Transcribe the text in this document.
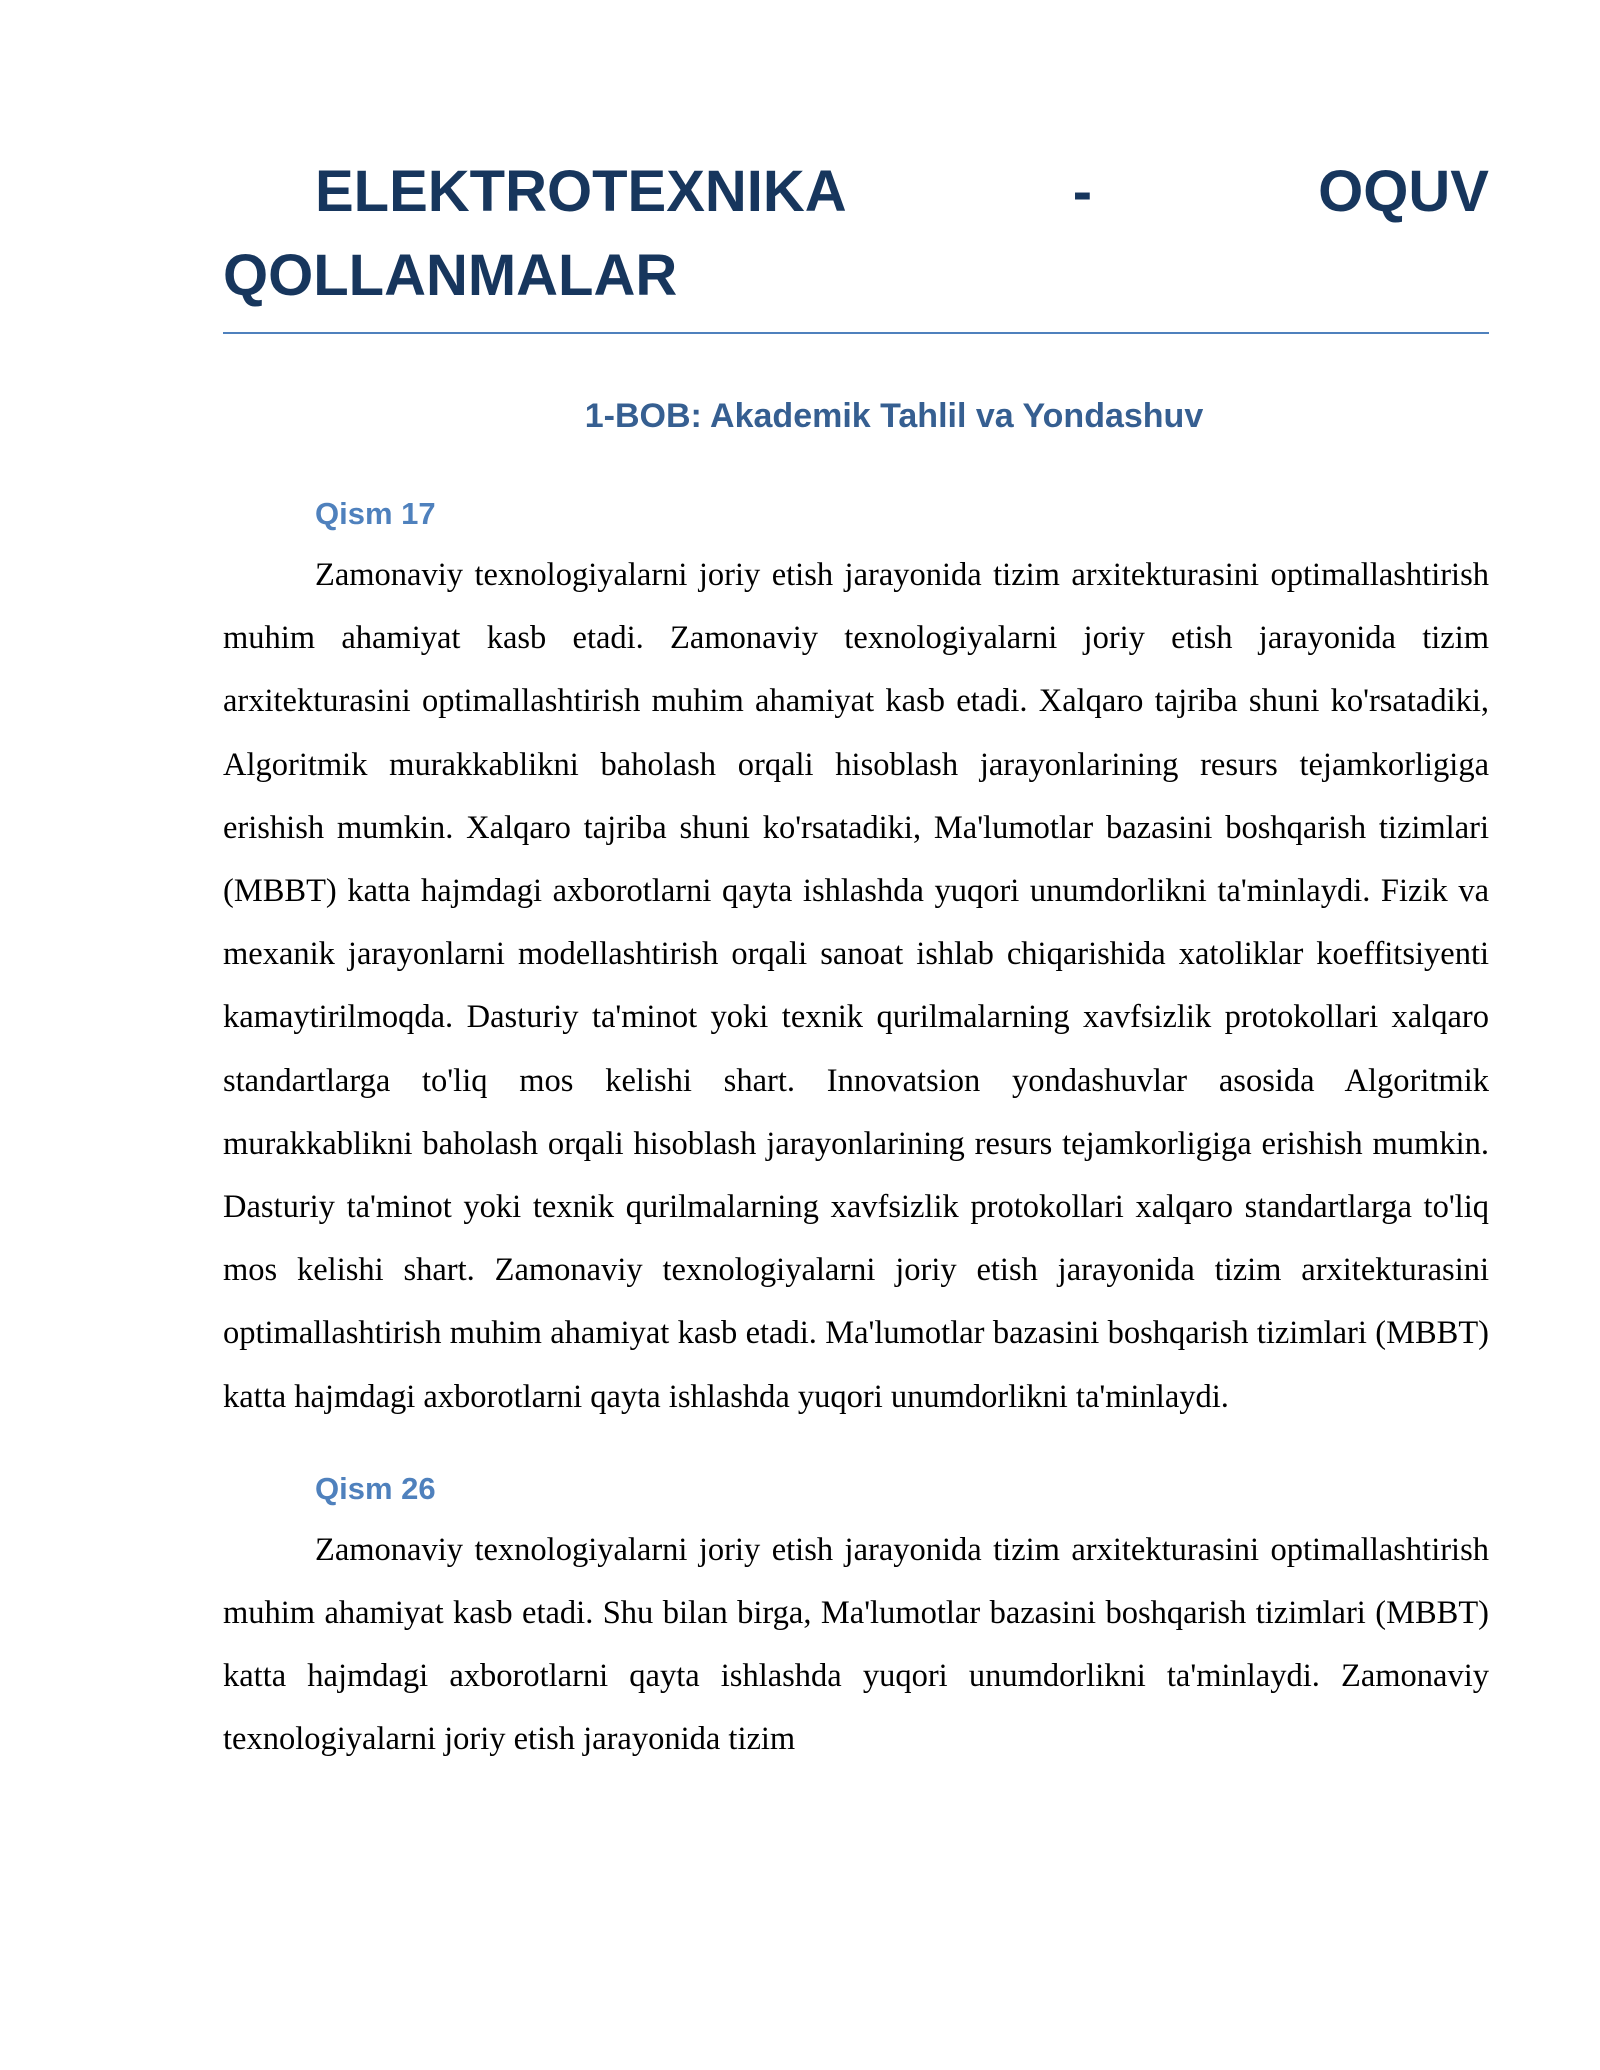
ELEKTROTEXNIKA	-	OQUV
QOLLANMALAR
1-BOB: Akademik Tahlil va Yondashuv
Qism 17

Zamonaviy texnologiyalarni joriy etish jarayonida tizim arxitekturasini optimallashtirish muhim ahamiyat kasb etadi. Zamonaviy texnologiyalarni joriy etish jarayonida tizim arxitekturasini optimallashtirish muhim ahamiyat kasb etadi. Xalqaro tajriba shuni ko'rsatadiki, Algoritmik murakkablikni baholash orqali hisoblash jarayonlarining resurs tejamkorligiga erishish mumkin. Xalqaro tajriba shuni ko'rsatadiki, Ma'lumotlar bazasini boshqarish tizimlari (MBBT) katta hajmdagi axborotlarni qayta ishlashda yuqori unumdorlikni ta'minlaydi. Fizik va mexanik jarayonlarni modellashtirish orqali sanoat ishlab chiqarishida xatoliklar koeffitsiyenti kamaytirilmoqda. Dasturiy ta'minot yoki texnik qurilmalarning xavfsizlik protokollari xalqaro standartlarga to'liq mos kelishi shart. Innovatsion yondashuvlar asosida Algoritmik murakkablikni baholash orqali hisoblash jarayonlarining resurs tejamkorligiga erishish mumkin. Dasturiy ta'minot yoki texnik qurilmalarning xavfsizlik protokollari xalqaro standartlarga to'liq mos kelishi shart. Zamonaviy texnologiyalarni joriy etish jarayonida tizim arxitekturasini optimallashtirish muhim ahamiyat kasb etadi. Ma'lumotlar bazasini boshqarish tizimlari (MBBT) katta hajmdagi axborotlarni qayta ishlashda yuqori unumdorlikni ta'minlaydi.

Qism 26

Zamonaviy texnologiyalarni joriy etish jarayonida tizim arxitekturasini optimallashtirish muhim ahamiyat kasb etadi. Shu bilan birga, Ma'lumotlar bazasini boshqarish tizimlari (MBBT) katta hajmdagi axborotlarni qayta ishlashda yuqori unumdorlikni ta'minlaydi. Zamonaviy texnologiyalarni joriy etish jarayonida tizim
